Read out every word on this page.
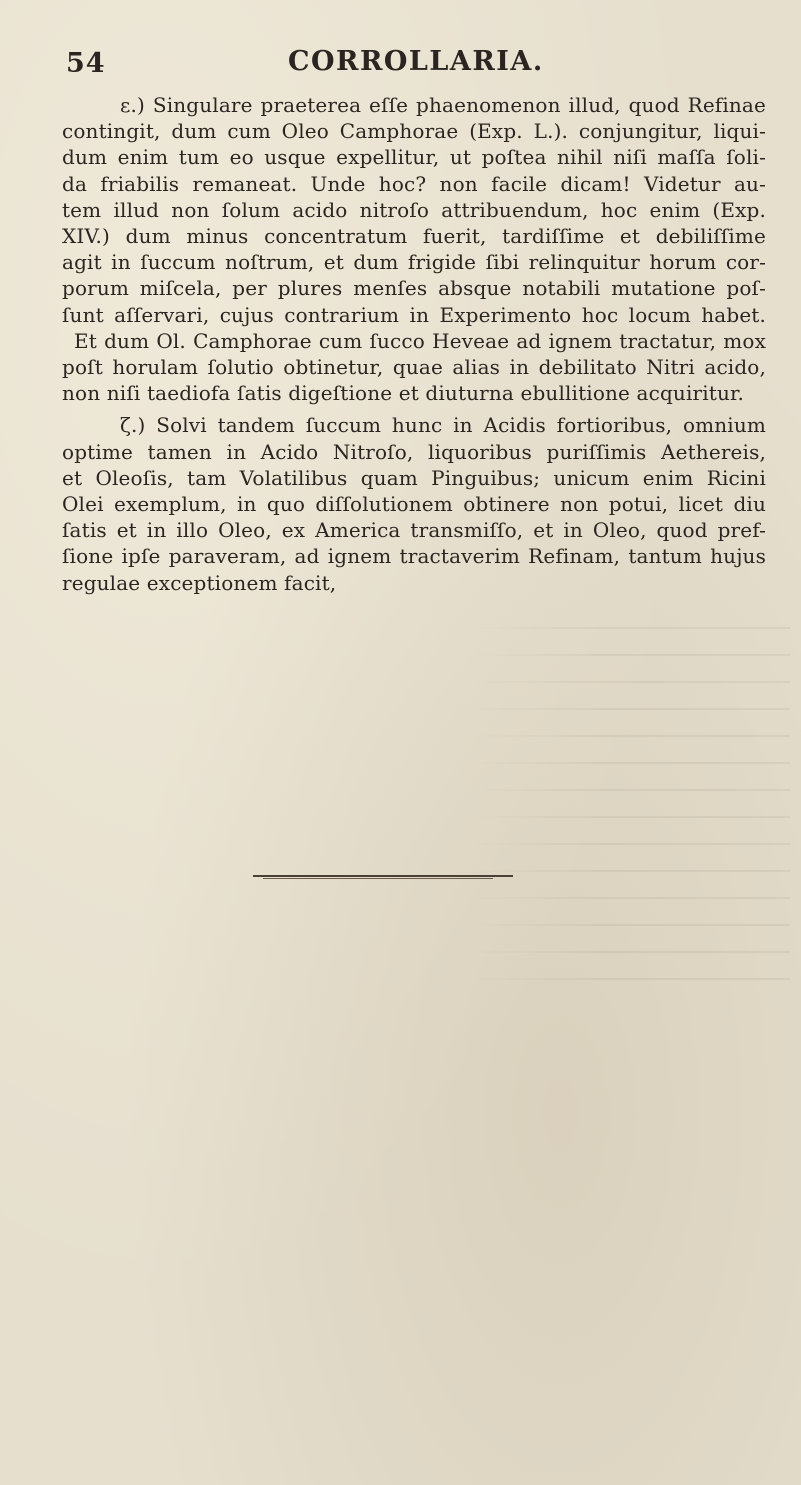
54	CORROLLARIA.
ε.) Singulare praeterea eſſe phaenomenon illud, quod Refinae
contingit, dum cum Oleo Camphorae (Exp. L.). conjungitur, liqui-
dum enim tum eo usque expellitur, ut poſtea nihil niſi maſſa ſoli-
da friabilis remaneat. Unde hoc? non facile dicam! Videtur au-
tem illud non ſolum acido nitroſo attribuendum, hoc enim (Exp.
XIV.) dum minus concentratum fuerit, tardiſſime et debiliſſime
agit in ſuccum noſtrum, et dum frigide ſibi relinquitur horum cor-
porum miſcela, per plures menſes absque notabili mutatione poſ-
ſunt aſſervari, cujus contrarium in Experimento hoc locum habet.
Et dum Ol. Camphorae cum ſucco Heveae ad ignem tractatur, mox
poſt horulam ſolutio obtinetur, quae alias in debilitato Nitri acido,
non niſi taediofa ſatis digeſtione et diuturna ebullitione acquiritur.
ζ.) Solvi tandem ſuccum hunc in Acidis fortioribus, omnium
optime tamen in Acido Nitroſo, liquoribus puriſſimis Aethereis,
et Oleoſis, tam Volatilibus quam Pinguibus; unicum enim Ricini
Olei exemplum, in quo diſſolutionem obtinere non potui, licet diu
ſatis et in illo Oleo, ex America transmiſſo, et in Oleo, quod pref-
ſione ipſe paraveram, ad ignem tractaverim Refinam, tantum hujus
regulae exceptionem facit,
